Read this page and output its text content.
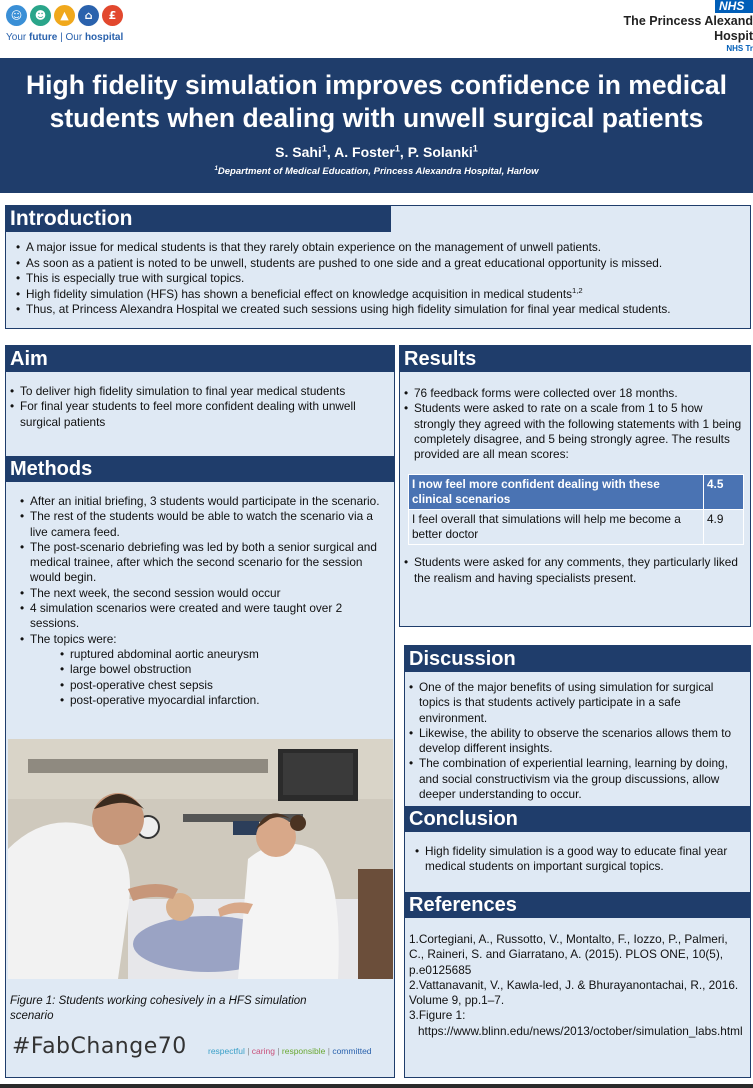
☺	☻	▲	⌂	£
Your future | Our hospital
NHS
The Princess Alexand
Hospit
NHS Tr
High fidelity simulation improves confidence in medical students when dealing with unwell surgical patients
S. Sahi$^1$, A. Foster$^1$, P. Solanki$^1$
$^1$Department of Medical Education, Princess Alexandra Hospital, Harlow
Introduction
• A major issue for medical students is that they rarely obtain experience on the management of unwell patients.
• As soon as a patient is noted to be unwell, students are pushed to one side and a great educational opportunity is missed.
• This is especially true with surgical topics.
• High fidelity simulation (HFS) has shown a beneficial effect on knowledge acquisition in medical students$^{1,2}$
• Thus, at Princess Alexandra Hospital we created such sessions using high fidelity simulation for final year medical students.
Aim
• To deliver high fidelity simulation to final year medical students
• For final year students to feel more confident dealing with unwell surgical patients
Methods
• After an initial briefing, 3 students would participate in the scenario.
• The rest of the students would be able to watch the scenario via a live camera feed.
• The post-scenario debriefing was led by both a senior surgical and medical trainee, after which the second scenario for the session would begin.
• The next week, the second session would occur
• 4 simulation scenarios were created and were taught over 2 sessions.
• The topics were:
• ruptured abdominal aortic aneurysm
• large bowel obstruction
• post-operative chest sepsis
• post-operative myocardial infarction.
Figure 1: Students working cohesively in a HFS simulation scenario
#FabChange70	respectful | caring | responsible | committed
Results
• 76 feedback forms were collected over 18 months.
• Students were asked to rate on a scale from 1 to 5 how strongly they agreed with the following statements with 1 being completely disagree, and 5 being strongly agree. The results provided are all mean scores:
I now feel more confident dealing with these clinical scenarios	4.5
I feel overall that simulations will help me become a better doctor	4.9
• Students were asked for any comments, they particularly liked the realism and having specialists present.
Discussion
• One of the major benefits of using simulation for surgical topics is that students actively participate in a safe environment.
• Likewise, the ability to observe the scenarios allows them to develop different insights.
• The combination of experiential learning, learning by doing, and social constructivism via the group discussions, allow deeper understanding to occur.
Conclusion
• High fidelity simulation is a good way to educate final year medical students on important surgical topics.
References
1.Cortegiani, A., Russotto, V., Montalto, F., Iozzo, P., Palmeri, C., Raineri, S. and Giarratano, A. (2015). PLOS ONE, 10(5), p.e0125685
2.Vattanavanit, V., Kawla-led, J. & Bhurayanontachai, R., 2016. Volume 9, pp.1–7.
3.Figure 1:
https://www.blinn.edu/news/2013/october/simulation_labs.html
